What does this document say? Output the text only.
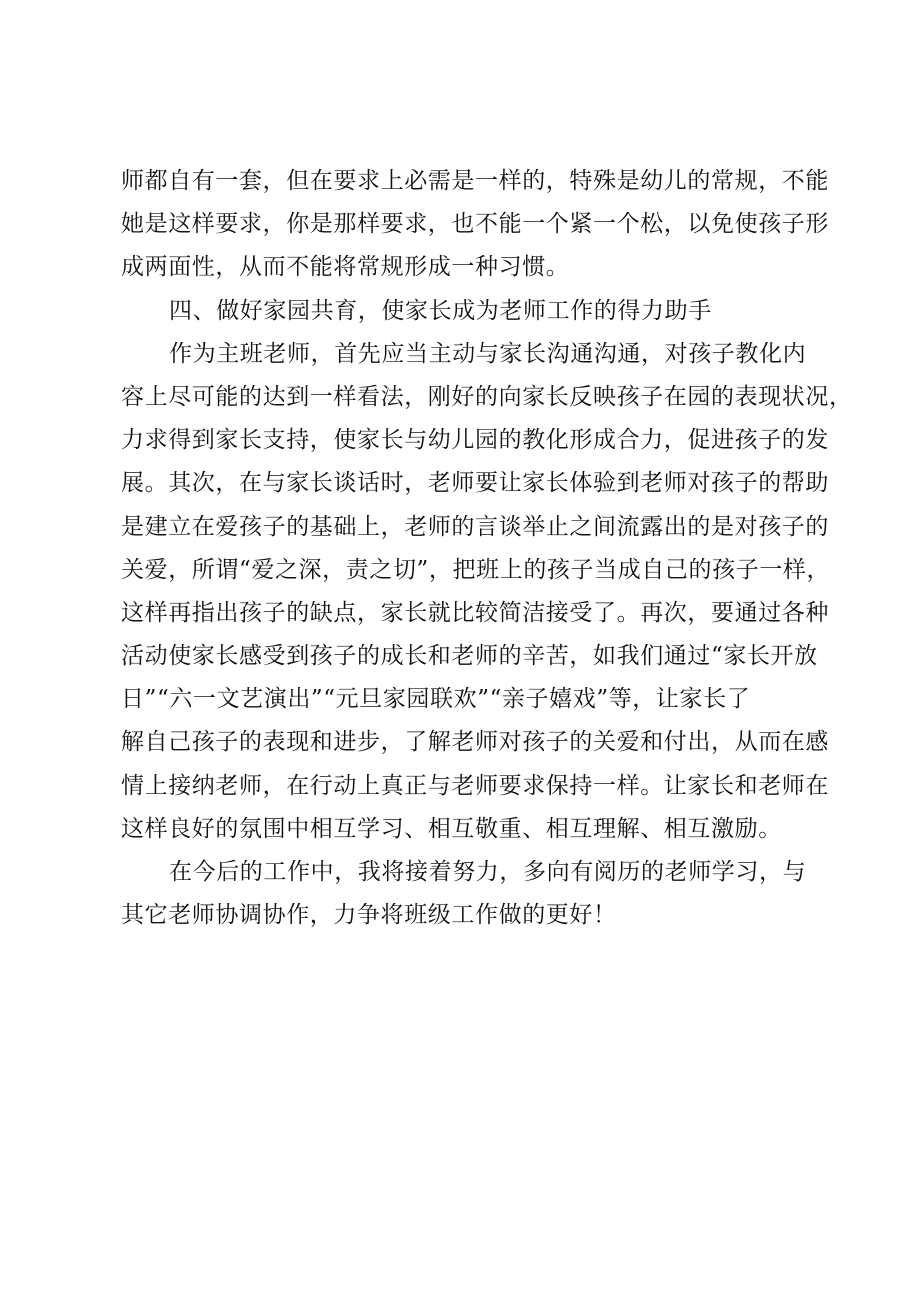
师都自有一套，但在要求上必需是一样的，特殊是幼儿的常规，不能
她是这样要求，你是那样要求，也不能一个紧一个松，以免使孩子形
成两面性，从而不能将常规形成一种习惯。
四、做好家园共育，使家长成为老师工作的得力助手
作为主班老师，首先应当主动与家长沟通沟通，对孩子教化内
容上尽可能的达到一样看法，刚好的向家长反映孩子在园的表现状况，
力求得到家长支持，使家长与幼儿园的教化形成合力，促进孩子的发
展。其次，在与家长谈话时，老师要让家长体验到老师对孩子的帮助
是建立在爱孩子的基础上，老师的言谈举止之间流露出的是对孩子的
关爱，所谓“爱之深，责之切”，把班上的孩子当成自己的孩子一样，
这样再指出孩子的缺点，家长就比较简洁接受了。再次，要通过各种
活动使家长感受到孩子的成长和老师的辛苦，如我们通过“家长开放
日”“六一文艺演出”“元旦家园联欢”“亲子嬉戏”等，让家长了
解自己孩子的表现和进步，了解老师对孩子的关爱和付出，从而在感
情上接纳老师，在行动上真正与老师要求保持一样。让家长和老师在
这样良好的氛围中相互学习、相互敬重、相互理解、相互激励。
在今后的工作中，我将接着努力，多向有阅历的老师学习，与
其它老师协调协作，力争将班级工作做的更好！
